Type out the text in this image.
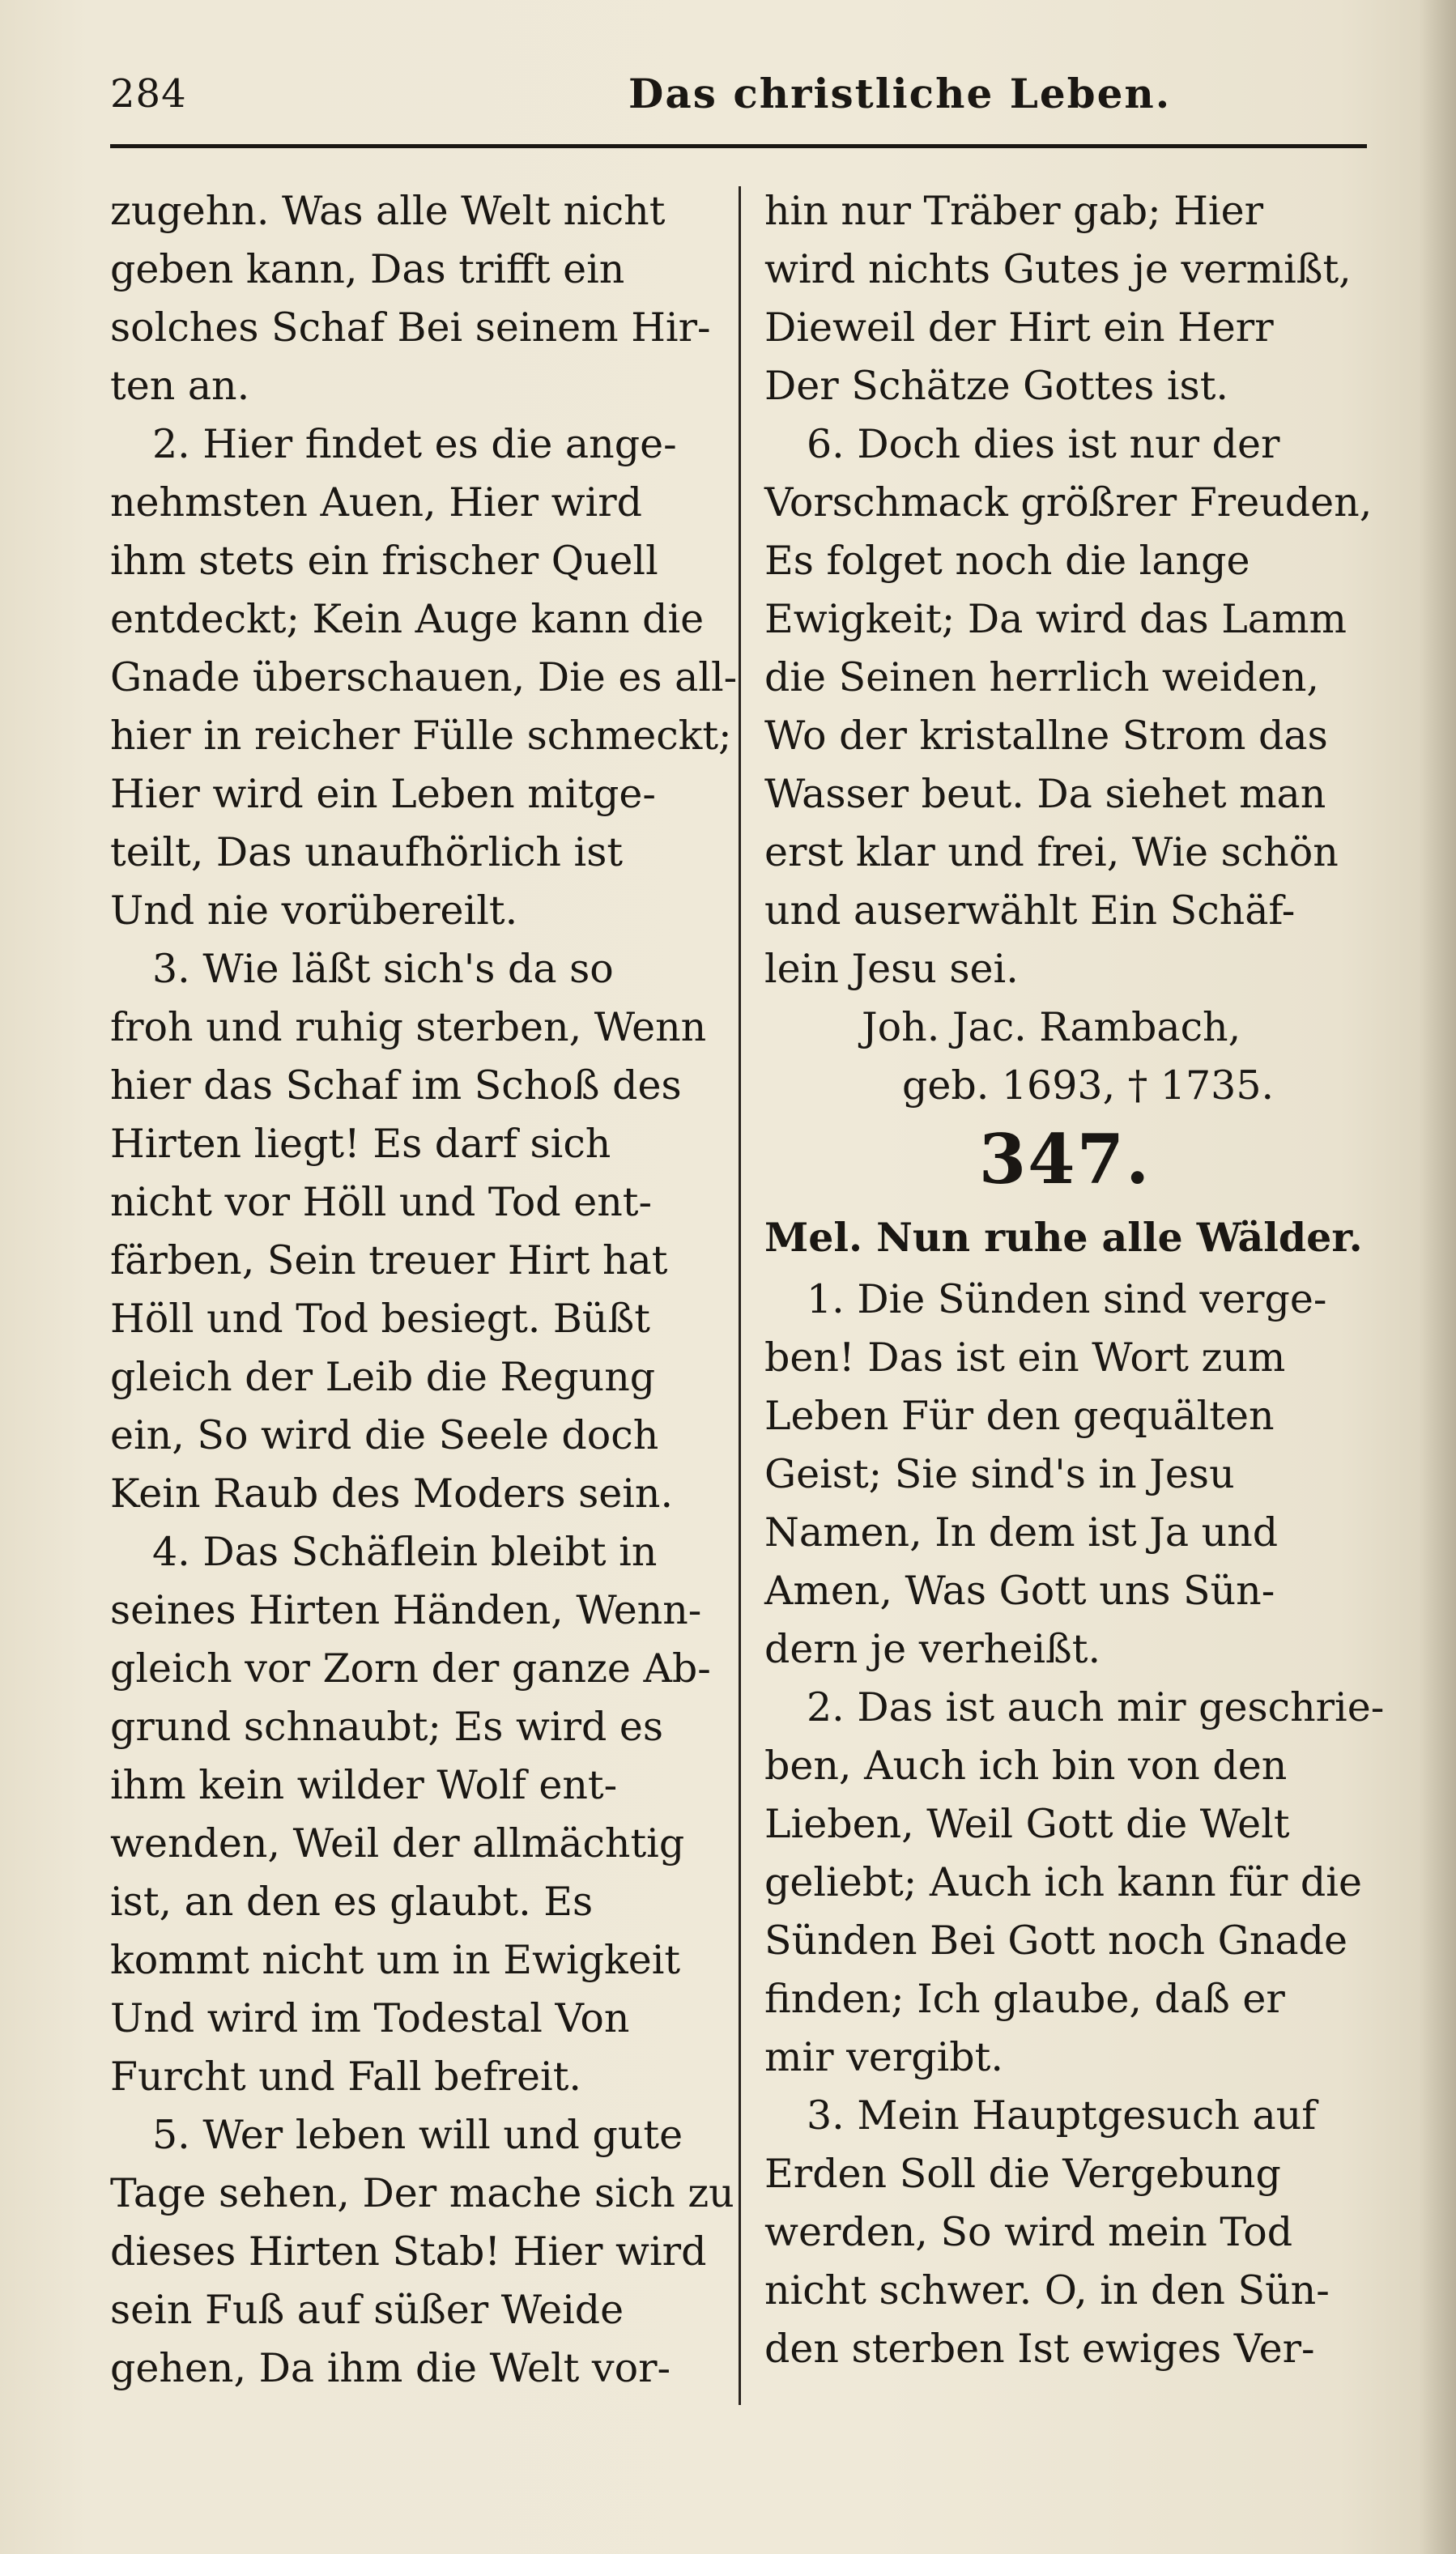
284	Das christliche Leben.
zugehn. Was alle Welt nicht
geben kann, Das trifft ein
solches Schaf Bei seinem Hir-
ten an.
2. Hier findet es die ange-
nehmsten Auen, Hier wird
ihm stets ein frischer Quell
entdeckt; Kein Auge kann die
Gnade überschauen, Die es all-
hier in reicher Fülle schmeckt;
Hier wird ein Leben mitge-
teilt, Das unaufhörlich ist
Und nie vorübereilt.
3. Wie läßt sich's da so
froh und ruhig sterben, Wenn
hier das Schaf im Schoß des
Hirten liegt! Es darf sich
nicht vor Höll und Tod ent-
färben, Sein treuer Hirt hat
Höll und Tod besiegt. Büßt
gleich der Leib die Regung
ein, So wird die Seele doch
Kein Raub des Moders sein.
4. Das Schäflein bleibt in
seines Hirten Händen, Wenn-
gleich vor Zorn der ganze Ab-
grund schnaubt; Es wird es
ihm kein wilder Wolf ent-
wenden, Weil der allmächtig
ist, an den es glaubt. Es
kommt nicht um in Ewigkeit
Und wird im Todestal Von
Furcht und Fall befreit.
5. Wer leben will und gute
Tage sehen, Der mache sich zu
dieses Hirten Stab! Hier wird
sein Fuß auf süßer Weide
gehen, Da ihm die Welt vor-
hin nur Träber gab; Hier
wird nichts Gutes je vermißt,
Dieweil der Hirt ein Herr
Der Schätze Gottes ist.
6. Doch dies ist nur der
Vorschmack größrer Freuden,
Es folget noch die lange
Ewigkeit; Da wird das Lamm
die Seinen herrlich weiden,
Wo der kristallne Strom das
Wasser beut. Da siehet man
erst klar und frei, Wie schön
und auserwählt Ein Schäf-
lein Jesu sei.
Joh. Jac. Rambach,
geb. 1693, † 1735.
347.
Mel. Nun ruhe alle Wälder.
1. Die Sünden sind verge-
ben! Das ist ein Wort zum
Leben Für den gequälten
Geist; Sie sind's in Jesu
Namen, In dem ist Ja und
Amen, Was Gott uns Sün-
dern je verheißt.
2. Das ist auch mir geschrie-
ben, Auch ich bin von den
Lieben, Weil Gott die Welt
geliebt; Auch ich kann für die
Sünden Bei Gott noch Gnade
finden; Ich glaube, daß er
mir vergibt.
3. Mein Hauptgesuch auf
Erden Soll die Vergebung
werden, So wird mein Tod
nicht schwer. O, in den Sün-
den sterben Ist ewiges Ver-
